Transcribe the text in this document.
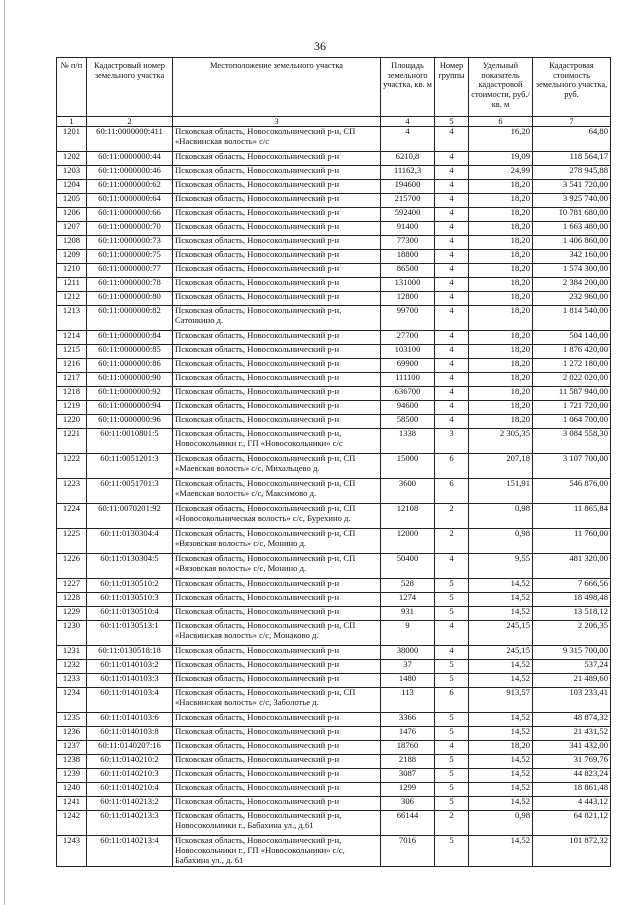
36
№ п/п	Кадастровый номер земельного участка	Местоположение земельного участка	Площадь земельного участка, кв. м	Номер группы	Удельный показатель кадастровой стоимости, руб./кв. м	Кадастровая стоимость земельного участка, руб.
1	2	3	4	5	6	7
1201	60:11:0000000:411	Псковская область, Новосокольнический р-н, СП «Насвинская волость» с/с	4	4	16,20	64,80
1202	60:11:0000000:44	Псковская область, Новосокольнический р-н	6210,8	4	19,09	118 564,17
1203	60:11:0000000:46	Псковская область, Новосокольнический р-н	11162,3	4	24,99	278 945,88
1204	60:11:0000000:62	Псковская область, Новосокольнический р-н	194600	4	18,20	3 541 720,00
1205	60:11:0000000:64	Псковская область, Новосокольнический р-н	215700	4	18,20	3 925 740,00
1206	60:11:0000000:66	Псковская область, Новосокольнический р-н	592400	4	18,20	10 781 680,00
1207	60:11:0000000:70	Псковская область, Новосокольнический р-н	91400	4	18,20	1 663 480,00
1208	60:11:0000000:73	Псковская область, Новосокольнический р-н	77300	4	18,20	1 406 860,00
1209	60:11:0000000:75	Псковская область, Новосокольнический р-н	18800	4	18,20	342 160,00
1210	60:11:0000000:77	Псковская область, Новосокольнический р-н	86500	4	18,20	1 574 300,00
1211	60:11:0000000:78	Псковская область, Новосокольнический р-н	131000	4	18,20	2 384 200,00
1212	60:11:0000000:80	Псковская область, Новосокольнический р-н	12800	4	18,20	232 960,00
1213	60:11:0000000:82	Псковская область, Новосокольнический р-н, Сатонкино д.	99700	4	18,20	1 814 540,00
1214	60:11:0000000:84	Псковская область, Новосокольнический р-н	27700	4	18,20	504 140,00
1215	60:11:0000000:85	Псковская область, Новосокольнический р-н	103100	4	18,20	1 876 420,00
1216	60:11:0000000:86	Псковская область, Новосокольнический р-н	69900	4	18,20	1 272 180,00
1217	60:11:0000000:90	Псковская область, Новосокольнический р-н	111100	4	18,20	2 022 020,00
1218	60:11:0000000:92	Псковская область, Новосокольнический р-н	636700	4	18,20	11 587 940,00
1219	60:11:0000000:94	Псковская область, Новосокольнический р-н	94600	4	18,20	1 721 720,00
1220	60:11:0000000:96	Псковская область, Новосокольнический р-н	58500	4	18,20	1 064 700,00
1221	60:11:0010801:5	Псковская область, Новосокольнический р-н, Новосокольники г., ГП «Новосокольники» с/с	1338	3	2 305,35	3 084 558,30
1222	60:11:0051201:3	Псковская область, Новосокольнический р-н, СП «Маевская волость» с/с, Михальцево д.	15000	6	207,18	3 107 700,00
1223	60:11:0051701:3	Псковская область, Новосокольнический р-н, СП «Маевская волость» с/с, Максимово д.	3600	6	151,91	546 876,00
1224	60:11:0070201:92	Псковская область, Новосокольнический р-н, СП «Новосокольническая волость» с/с, Бурехино д.	12108	2	0,98	11 865,84
1225	60:11:0130304:4	Псковская область, Новосокольнический р-н, СП «Вязовская волость» с/с, Монино д.	12000	2	0,98	11 760,00
1226	60:11:0130304:5	Псковская область, Новосокольнический р-н, СП «Вязовская волость» с/с, Монино д.	50400	4	9,55	481 320,00
1227	60:11:0130510:2	Псковская область, Новосокольнический р-н	528	5	14,52	7 666,56
1228	60:11:0130510:3	Псковская область, Новосокольнический р-н	1274	5	14,52	18 498,48
1229	60:11:0130510:4	Псковская область, Новосокольнический р-н	931	5	14,52	13 518,12
1230	60:11:0130513:1	Псковская область, Новосокольнический р-н, СП «Насвинская волость» с/с, Монаково д.	9	4	245,15	2 206,35
1231	60:11:0130518:18	Псковская область, Новосокольнический р-н	38000	4	245,15	9 315 700,00
1232	60:11:0140103:2	Псковская область, Новосокольнический р-н	37	5	14,52	537,24
1233	60:11:0140103:3	Псковская область, Новосокольнический р-н	1480	5	14,52	21 489,60
1234	60:11:0140103:4	Псковская область, Новосокольнический р-н, СП «Насвинская волость» с/с, Заболотье д.	113	6	913,57	103 233,41
1235	60:11:0140103:6	Псковская область, Новосокольнический р-н	3366	5	14,52	48 874,32
1236	60:11:0140103:8	Псковская область, Новосокольнический р-н	1476	5	14,52	21 431,52
1237	60:11:0140207:16	Псковская область, Новосокольнический р-н	18760	4	18,20	341 432,00
1238	60:11:0140210:2	Псковская область, Новосокольнический р-н	2188	5	14,52	31 769,76
1239	60:11:0140210:3	Псковская область, Новосокольнический р-н	3087	5	14,52	44 823,24
1240	60:11:0140210:4	Псковская область, Новосокольнический р-н	1299	5	14,52	18 861,48
1241	60:11:0140213:2	Псковская область, Новосокольнический р-н	306	5	14,52	4 443,12
1242	60:11:0140213:3	Псковская область, Новосокольнический р-н, Новосокольники г., Бабахина ул., д.61	66144	2	0,98	64 821,12
1243	60:11:0140213:4	Псковская область, Новосокольнический р-н, Новосокольники г., ГП «Новосокольники» с/с, Бабахина ул., д. 61	7016	5	14,52	101 872,32
